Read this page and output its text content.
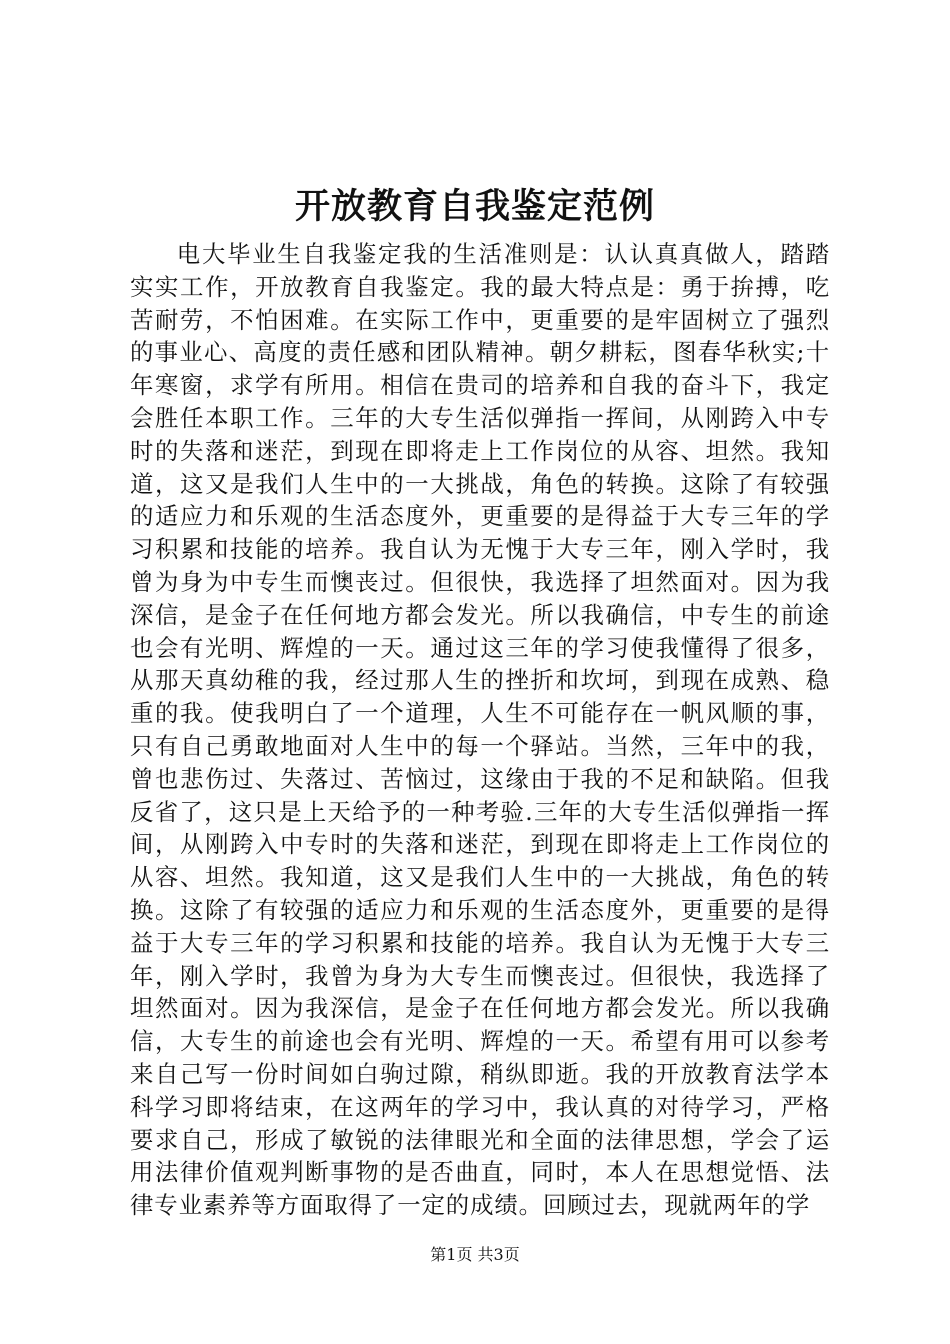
开放教育自我鉴定范例

电大毕业生自我鉴定我的生活准则是：认认真真做人，踏踏实实工作，开放教育自我鉴定。我的最大特点是：勇于拚搏，吃苦耐劳，不怕困难。在实际工作中，更重要的是牢固树立了强烈的事业心、高度的责任感和团队精神。朝夕耕耘，图春华秋实;十年寒窗，求学有所用。相信在贵司的培养和自我的奋斗下，我定会胜任本职工作。三年的大专生活似弹指一挥间，从刚跨入中专时的失落和迷茫，到现在即将走上工作岗位的从容、坦然。我知道，这又是我们人生中的一大挑战，角色的转换。这除了有较强的适应力和乐观的生活态度外，更重要的是得益于大专三年的学习积累和技能的培养。我自认为无愧于大专三年，刚入学时，我曾为身为中专生而懊丧过。但很快，我选择了坦然面对。因为我深信，是金子在任何地方都会发光。所以我确信，中专生的前途也会有光明、辉煌的一天。通过这三年的学习使我懂得了很多，从那天真幼稚的我，经过那人生的挫折和坎坷，到现在成熟、稳重的我。使我明白了一个道理，人生不可能存在一帆风顺的事，只有自己勇敢地面对人生中的每一个驿站。当然，三年中的我，曾也悲伤过、失落过、苦恼过，这缘由于我的不足和缺陷。但我反省了，这只是上天给予的一种考验.三年的大专生活似弹指一挥间，从刚跨入中专时的失落和迷茫，到现在即将走上工作岗位的从容、坦然。我知道，这又是我们人生中的一大挑战，角色的转换。这除了有较强的适应力和乐观的生活态度外，更重要的是得益于大专三年的学习积累和技能的培养。我自认为无愧于大专三年，刚入学时，我曾为身为大专生而懊丧过。但很快，我选择了坦然面对。因为我深信，是金子在任何地方都会发光。所以我确信，大专生的前途也会有光明、辉煌的一天。希望有用可以参考来自己写一份时间如白驹过隙，稍纵即逝。我的开放教育法学本科学习即将结束，在这两年的学习中，我认真的对待学习，严格要求自己，形成了敏锐的法律眼光和全面的法律思想，学会了运用法律价值观判断事物的是否曲直，同时，本人在思想觉悟、法律专业素养等方面取得了一定的成绩。回顾过去，现就两年的学

第1页 共3页
